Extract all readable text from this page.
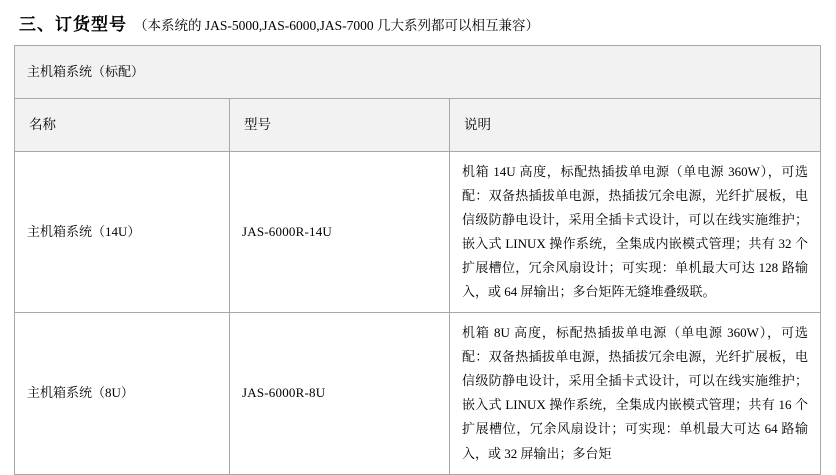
三、订货型号 （本系统的 JAS-5000,JAS-6000,JAS-7000 几大系列都可以相互兼容）
主机箱系统（标配）		
名称	型号	说明
主机箱系统（14U）	JAS-6000R-14U	机箱 14U 高度，标配热插拔单电源（单电源 360W），可选配：双备热插拔单电源，热插拔冗余电源，光纤扩展板，电信级防静电设计，采用全插卡式设计，可以在线实施维护；嵌入式 LINUX 操作系统，全集成内嵌模式管理；共有 32 个扩展槽位，冗余风扇设计；可实现：单机最大可达 128 路输入，或 64 屏输出；多台矩阵无缝堆叠级联。
主机箱系统（8U）	JAS-6000R-8U	机箱 8U 高度，标配热插拔单电源（单电源 360W），可选配：双备热插拔单电源，热插拔冗余电源，光纤扩展板，电信级防静电设计，采用全插卡式设计，可以在线实施维护；嵌入式 LINUX 操作系统，全集成内嵌模式管理；共有 16 个扩展槽位，冗余风扇设计；可实现：单机最大可达 64 路输入，或 32 屏输出；多台矩
